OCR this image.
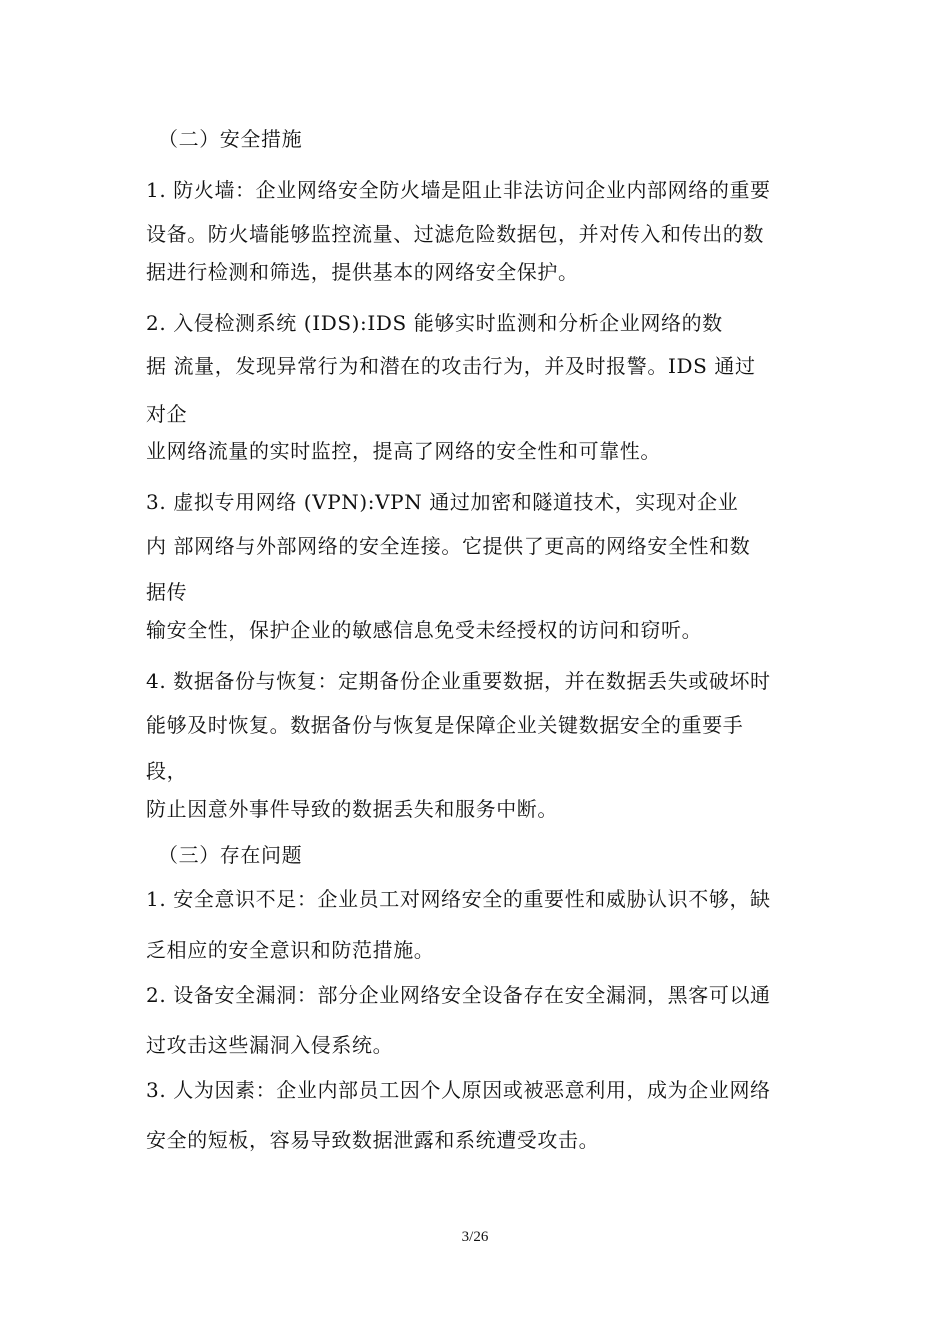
（二）安全措施
1. 防火墙：企业网络安全防火墙是阻止非法访问企业内部网络的重要
设备。防火墙能够监控流量、过滤危险数据包，并对传入和传出的数
据进行检测和筛选，提供基本的网络安全保护。
2. 入侵检测系统 (IDS):IDS 能够实时监测和分析企业网络的数
据 流量，发现异常行为和潜在的攻击行为，并及时报警。IDS 通过
对企
业网络流量的实时监控，提高了网络的安全性和可靠性。
3. 虚拟专用网络 (VPN):VPN 通过加密和隧道技术，实现对企业
内 部网络与外部网络的安全连接。它提供了更高的网络安全性和数
据传
输安全性，保护企业的敏感信息免受未经授权的访问和窃听。
4. 数据备份与恢复：定期备份企业重要数据，并在数据丢失或破坏时
能够及时恢复。数据备份与恢复是保障企业关键数据安全的重要手
段，
防止因意外事件导致的数据丢失和服务中断。
（三）存在问题
1. 安全意识不足：企业员工对网络安全的重要性和威胁认识不够，缺
乏相应的安全意识和防范措施。
2. 设备安全漏洞：部分企业网络安全设备存在安全漏洞，黑客可以通
过攻击这些漏洞入侵系统。
3. 人为因素：企业内部员工因个人原因或被恶意利用，成为企业网络
安全的短板，容易导致数据泄露和系统遭受攻击。
3/26
